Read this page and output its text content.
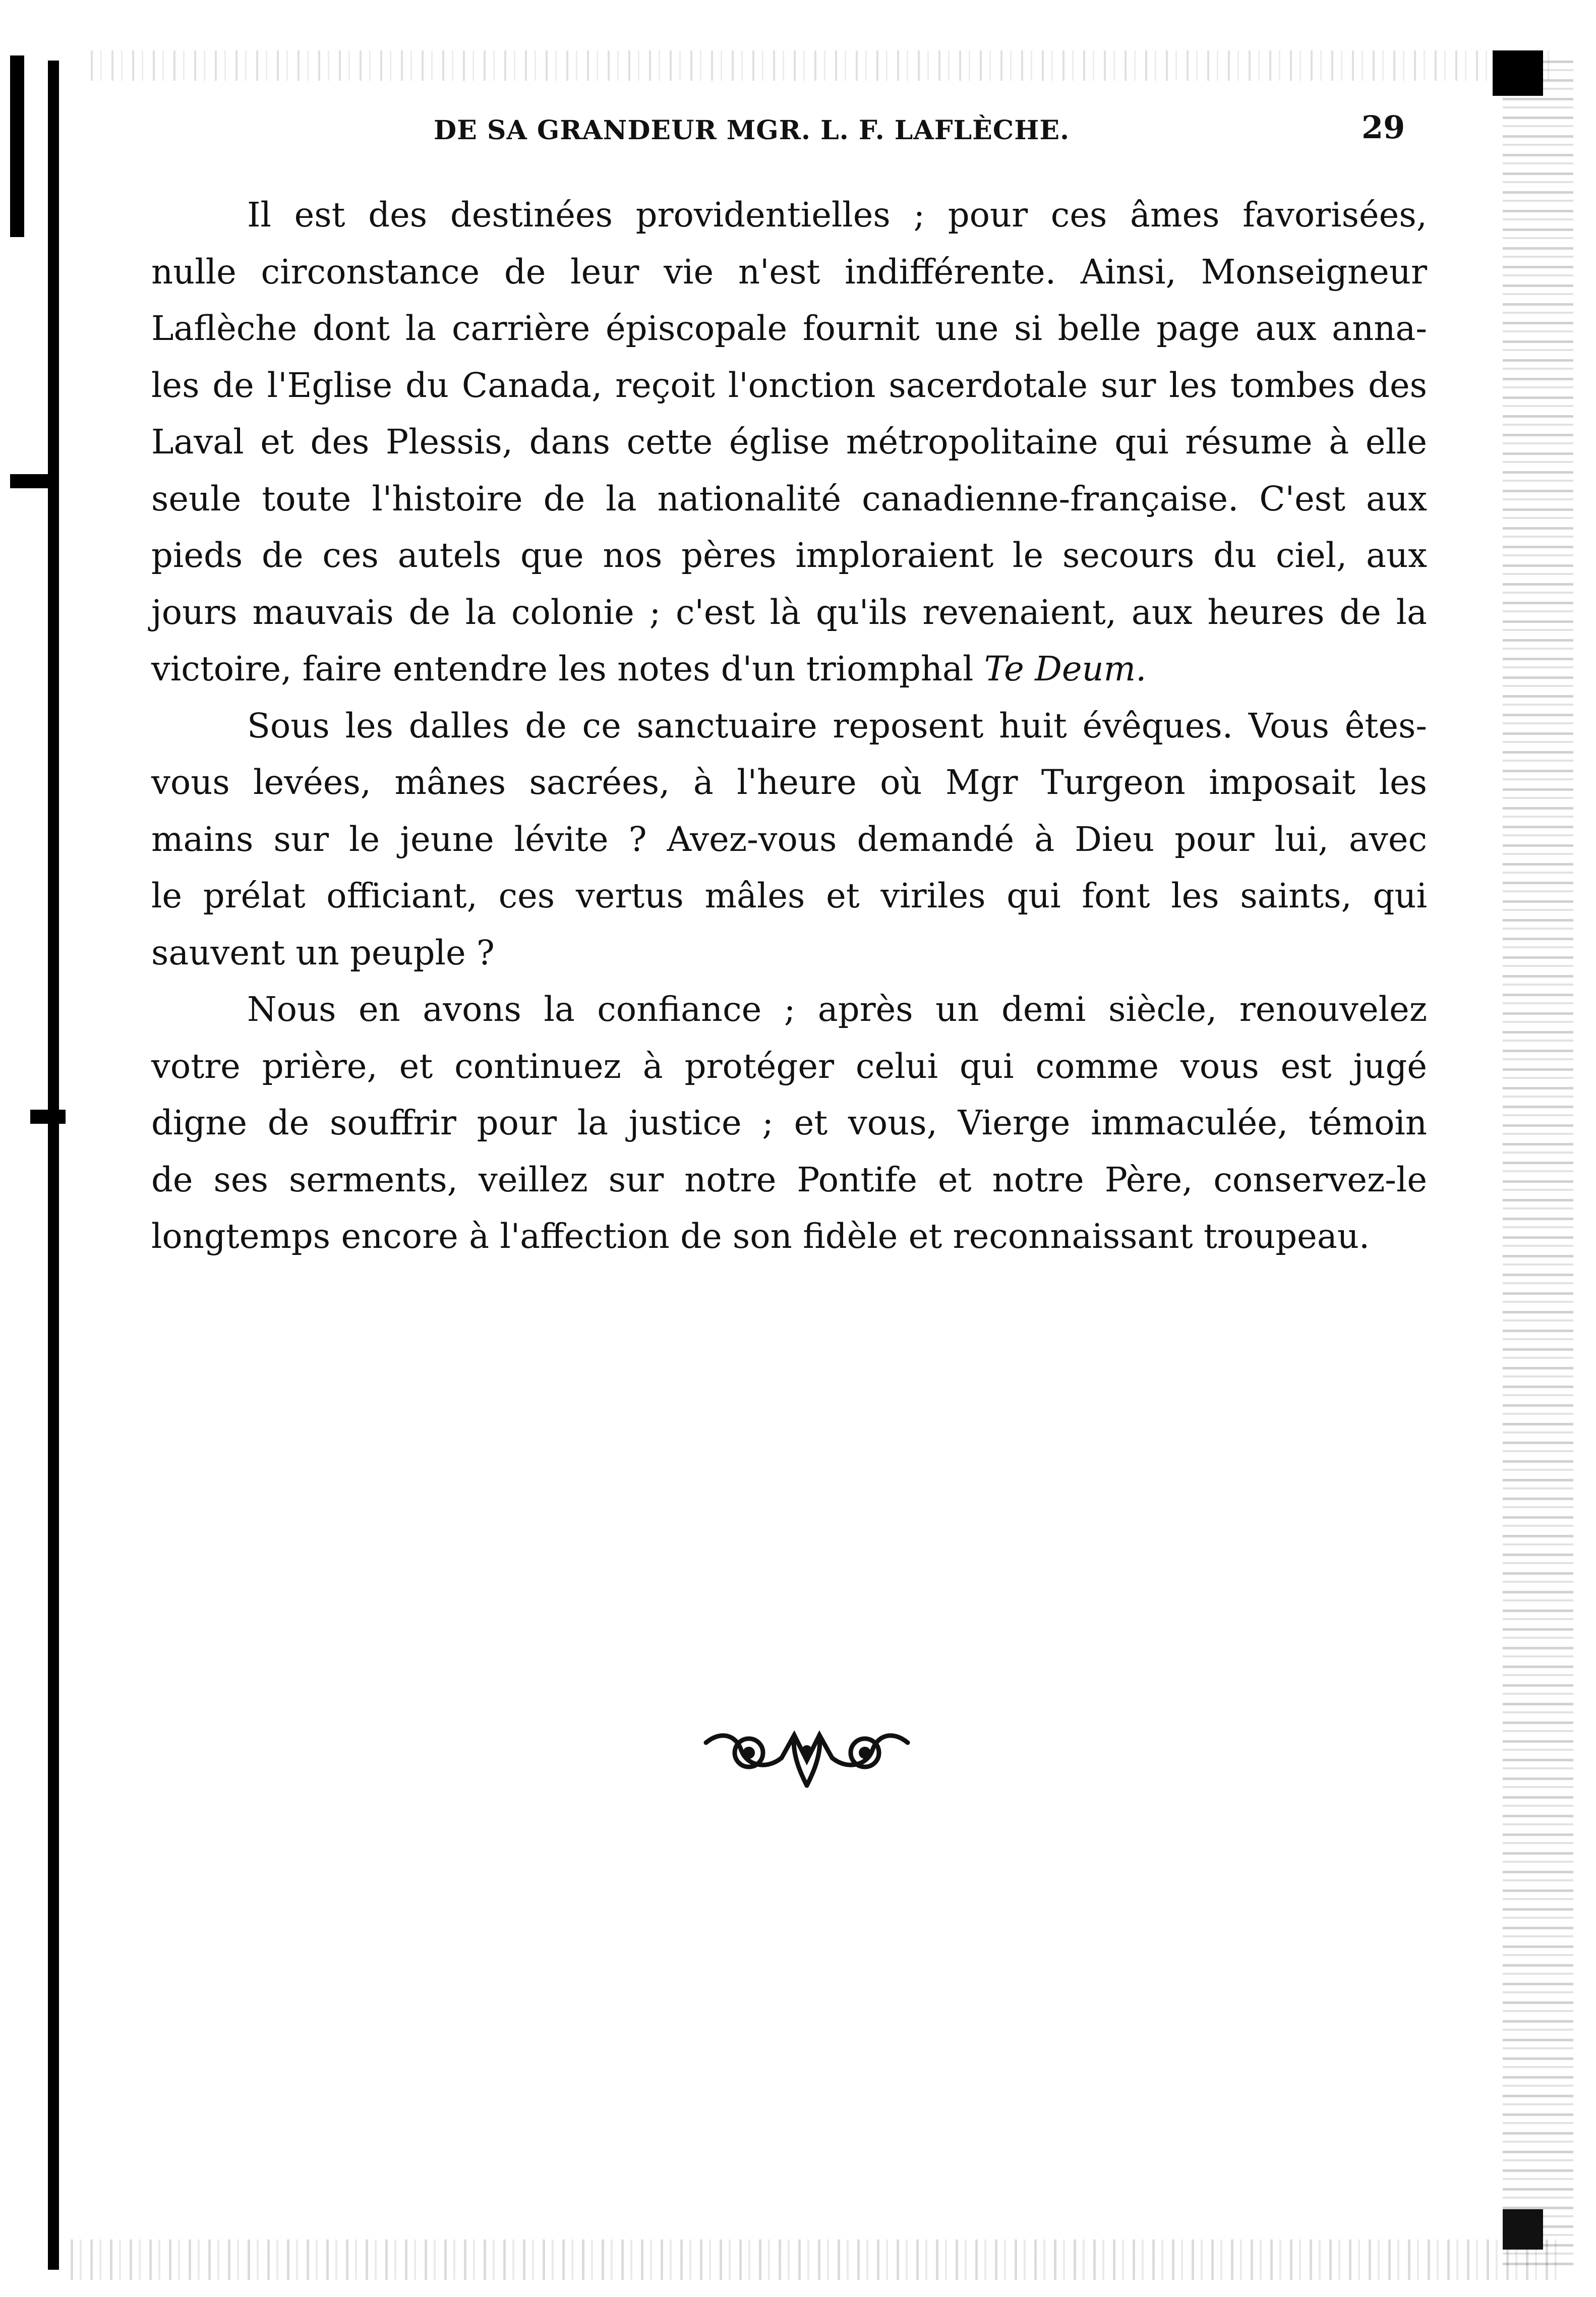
DE SA GRANDEUR MGR. L. F. LAFLÈCHE.	29
Il est des destinées providentielles ; pour ces âmes favorisées,
nulle circonstance de leur vie n'est indifférente. Ainsi, Monseigneur
Laflèche dont la carrière épiscopale fournit une si belle page aux anna-
les de l'Eglise du Canada, reçoit l'onction sacerdotale sur les tombes des
Laval et des Plessis, dans cette église métropolitaine qui résume à elle
seule toute l'histoire de la nationalité canadienne-française. C'est aux
pieds de ces autels que nos pères imploraient le secours du ciel, aux
jours mauvais de la colonie ; c'est là qu'ils revenaient, aux heures de la
victoire, faire entendre les notes d'un triomphal Te Deum.
Sous les dalles de ce sanctuaire reposent huit évêques. Vous êtes-
vous levées, mânes sacrées, à l'heure où Mgr Turgeon imposait les
mains sur le jeune lévite ? Avez-vous demandé à Dieu pour lui, avec
le prélat officiant, ces vertus mâles et viriles qui font les saints, qui
sauvent un peuple ?
Nous en avons la confiance ; après un demi siècle, renouvelez
votre prière, et continuez à protéger celui qui comme vous est jugé
digne de souffrir pour la justice ; et vous, Vierge immaculée, témoin
de ses serments, veillez sur notre Pontife et notre Père, conservez-le
longtemps encore à l'affection de son fidèle et reconnaissant troupeau.
